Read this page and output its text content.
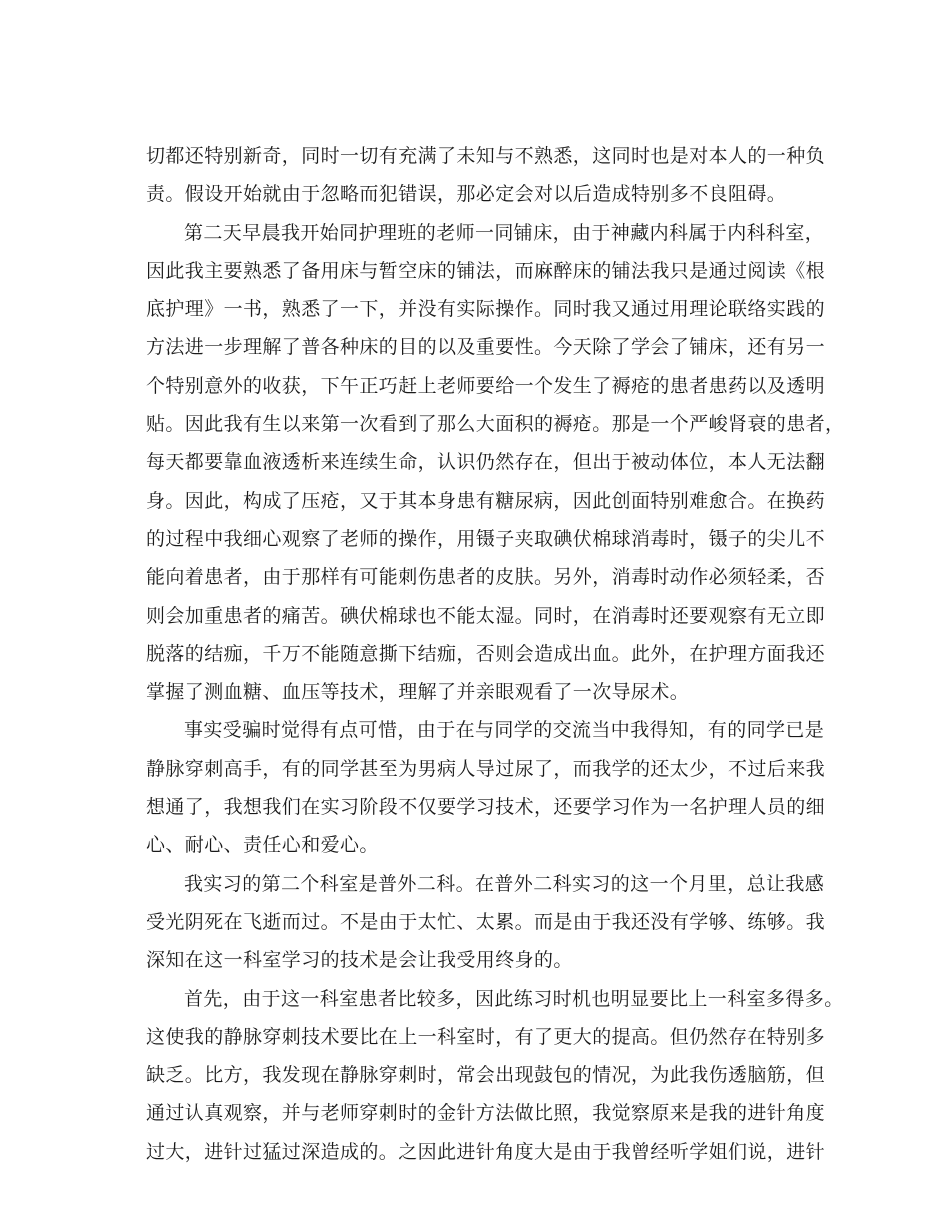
切都还特别新奇，同时一切有充满了未知与不熟悉，这同时也是对本人的一种负
责。假设开始就由于忽略而犯错误，那必定会对以后造成特别多不良阻碍。
第二天早晨我开始同护理班的老师一同铺床，由于神藏内科属于内科科室，
因此我主要熟悉了备用床与暂空床的铺法，而麻醉床的铺法我只是通过阅读《根
底护理》一书，熟悉了一下，并没有实际操作。同时我又通过用理论联络实践的
方法进一步理解了普各种床的目的以及重要性。今天除了学会了铺床，还有另一
个特别意外的收获，下午正巧赶上老师要给一个发生了褥疮的患者患药以及透明
贴。因此我有生以来第一次看到了那么大面积的褥疮。那是一个严峻肾衰的患者，
每天都要靠血液透析来连续生命，认识仍然存在，但出于被动体位，本人无法翻
身。因此，构成了压疮，又于其本身患有糖尿病，因此创面特别难愈合。在换药
的过程中我细心观察了老师的操作，用镊子夹取碘伏棉球消毒时，镊子的尖儿不
能向着患者，由于那样有可能刺伤患者的皮肤。另外，消毒时动作必须轻柔，否
则会加重患者的痛苦。碘伏棉球也不能太湿。同时，在消毒时还要观察有无立即
脱落的结痂，千万不能随意撕下结痂，否则会造成出血。此外，在护理方面我还
掌握了测血糖、血压等技术，理解了并亲眼观看了一次导尿术。
事实受骗时觉得有点可惜，由于在与同学的交流当中我得知，有的同学已是
静脉穿刺高手，有的同学甚至为男病人导过尿了，而我学的还太少，不过后来我
想通了，我想我们在实习阶段不仅要学习技术，还要学习作为一名护理人员的细
心、耐心、责任心和爱心。
我实习的第二个科室是普外二科。在普外二科实习的这一个月里，总让我感
受光阴死在飞逝而过。不是由于太忙、太累。而是由于我还没有学够、练够。我
深知在这一科室学习的技术是会让我受用终身的。
首先，由于这一科室患者比较多，因此练习时机也明显要比上一科室多得多。
这使我的静脉穿刺技术要比在上一科室时，有了更大的提高。但仍然存在特别多
缺乏。比方，我发现在静脉穿刺时，常会出现鼓包的情况，为此我伤透脑筋，但
通过认真观察，并与老师穿刺时的金针方法做比照，我觉察原来是我的进针角度
过大，进针过猛过深造成的。之因此进针角度大是由于我曾经听学姐们说，进针
